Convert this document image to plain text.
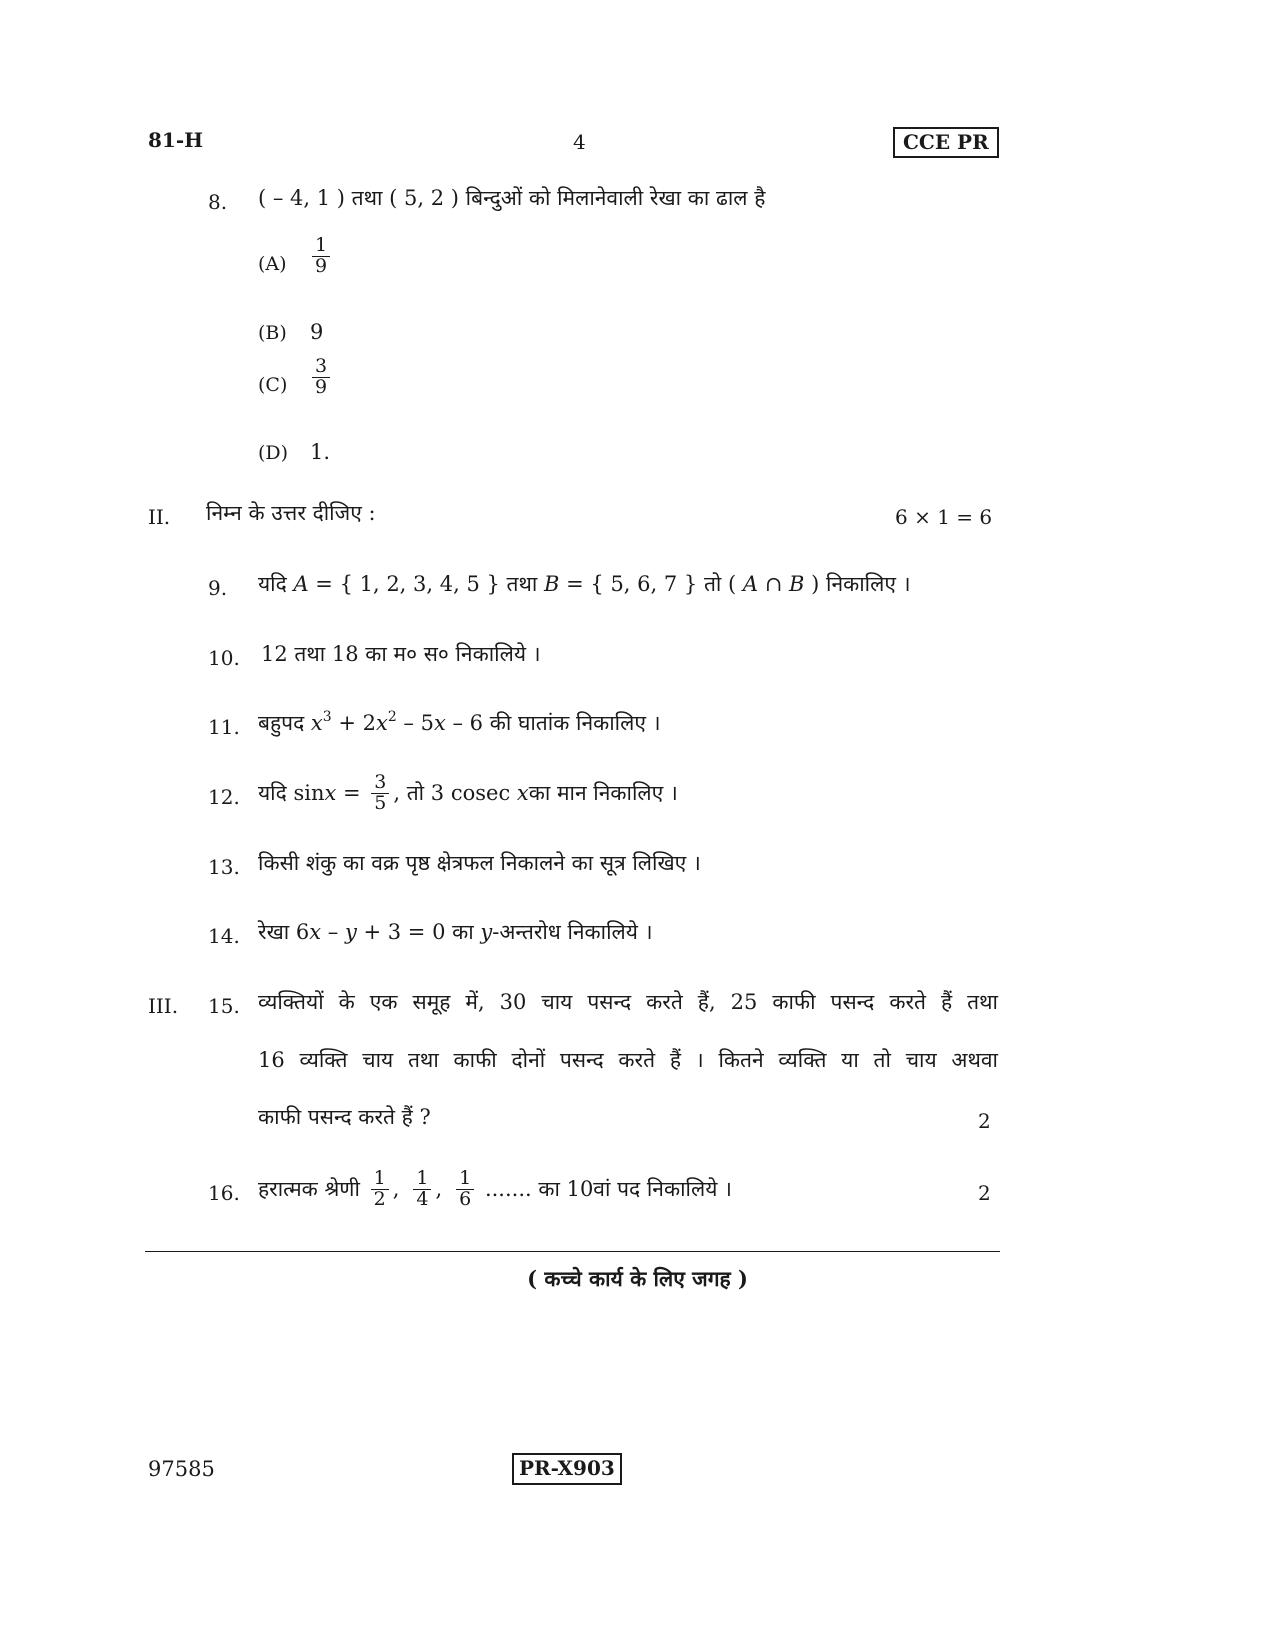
81-H	4	CCE PR
8. ( – 4, 1 ) तथा ( 5, 2 ) बिन्दुओं को मिलानेवाली रेखा का ढाल है
$(A) \frac{1}{9}$
(B) 9
$(C) \frac{3}{9}$
(D) 1.
II. निम्न के उत्तर दीजिए :	6 × 1 = 6
9. यदि A = { 1, 2, 3, 4, 5 } तथा B = { 5, 6, 7 } तो ( A ∩ B ) निकालिए ।
10. 12 तथा 18 का म० स० निकालिये ।
11. बहुपद $x^3 + 2x^2 - 5x - 6$ की घातांक निकालिए ।
12. यदि $\sin x = \frac{3}{5}$ , तो 3 cosec x का मान निकालिए ।
13. किसी शंकु का वक्र पृष्ठ क्षेत्रफल निकालने का सूत्र लिखिए ।
14. रेखा 6x – y + 3 = 0 का y-अन्तरोध निकालिये ।
III. 15. व्यक्तियों के एक समूह में, 30 चाय पसन्द करते हैं, 25 काफी पसन्द करते हैं तथा
16 व्यक्ति चाय तथा काफी दोनों पसन्द करते हैं । कितने व्यक्ति या तो चाय अथवा
काफी पसन्द करते हैं ?	2
16. हरात्मक श्रेणी $\frac{1}{2}$ , $\frac{1}{4}$ , $\frac{1}{6}$ ....... का 10वां पद निकालिये ।	2
( कच्चे कार्य के लिए जगह )
97585	PR-X903
